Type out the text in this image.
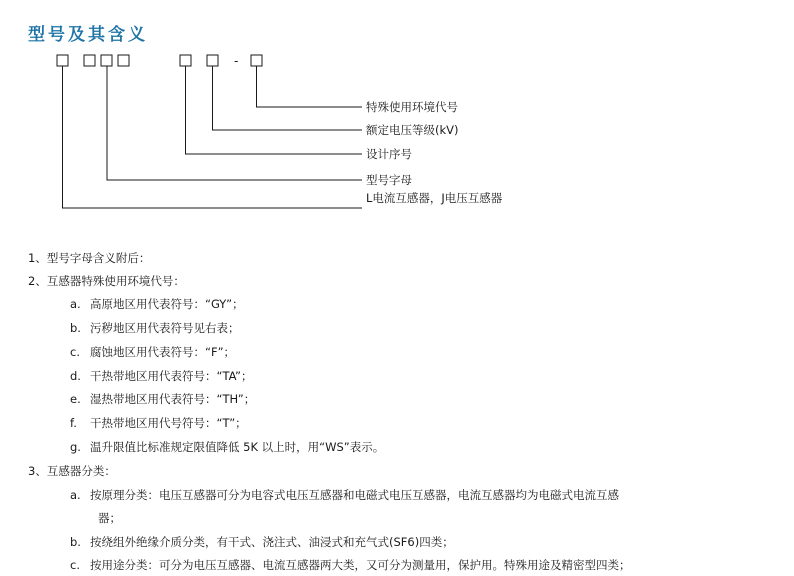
型号及其含义
-
特殊使用环境代号
额定电压等级(kV)
设计序号
型号字母
L电流互感器，J电压互感器
1、型号字母含义附后：
2、互感器特殊使用环境代号：
a. 高原地区用代表符号：“GY”；
b. 污秽地区用代表符号见右表；
c. 腐蚀地区用代表符号：“F”；
d. 干热带地区用代表符号：“TA”；
e. 湿热带地区用代表符号：“TH”；
f. 干热带地区用代号符号：“T”；
g. 温升限值比标准规定限值降低 5K 以上时，用“WS”表示。
3、互感器分类：
a. 按原理分类：电压互感器可分为电容式电压互感器和电磁式电压互感器，电流互感器均为电磁式电流互感
器；
b. 按绕组外绝缘介质分类，有干式、浇注式、油浸式和充气式(SF6)四类；
c. 按用途分类：可分为电压互感器、电流互感器两大类，又可分为测量用，保护用。特殊用途及精密型四类；
